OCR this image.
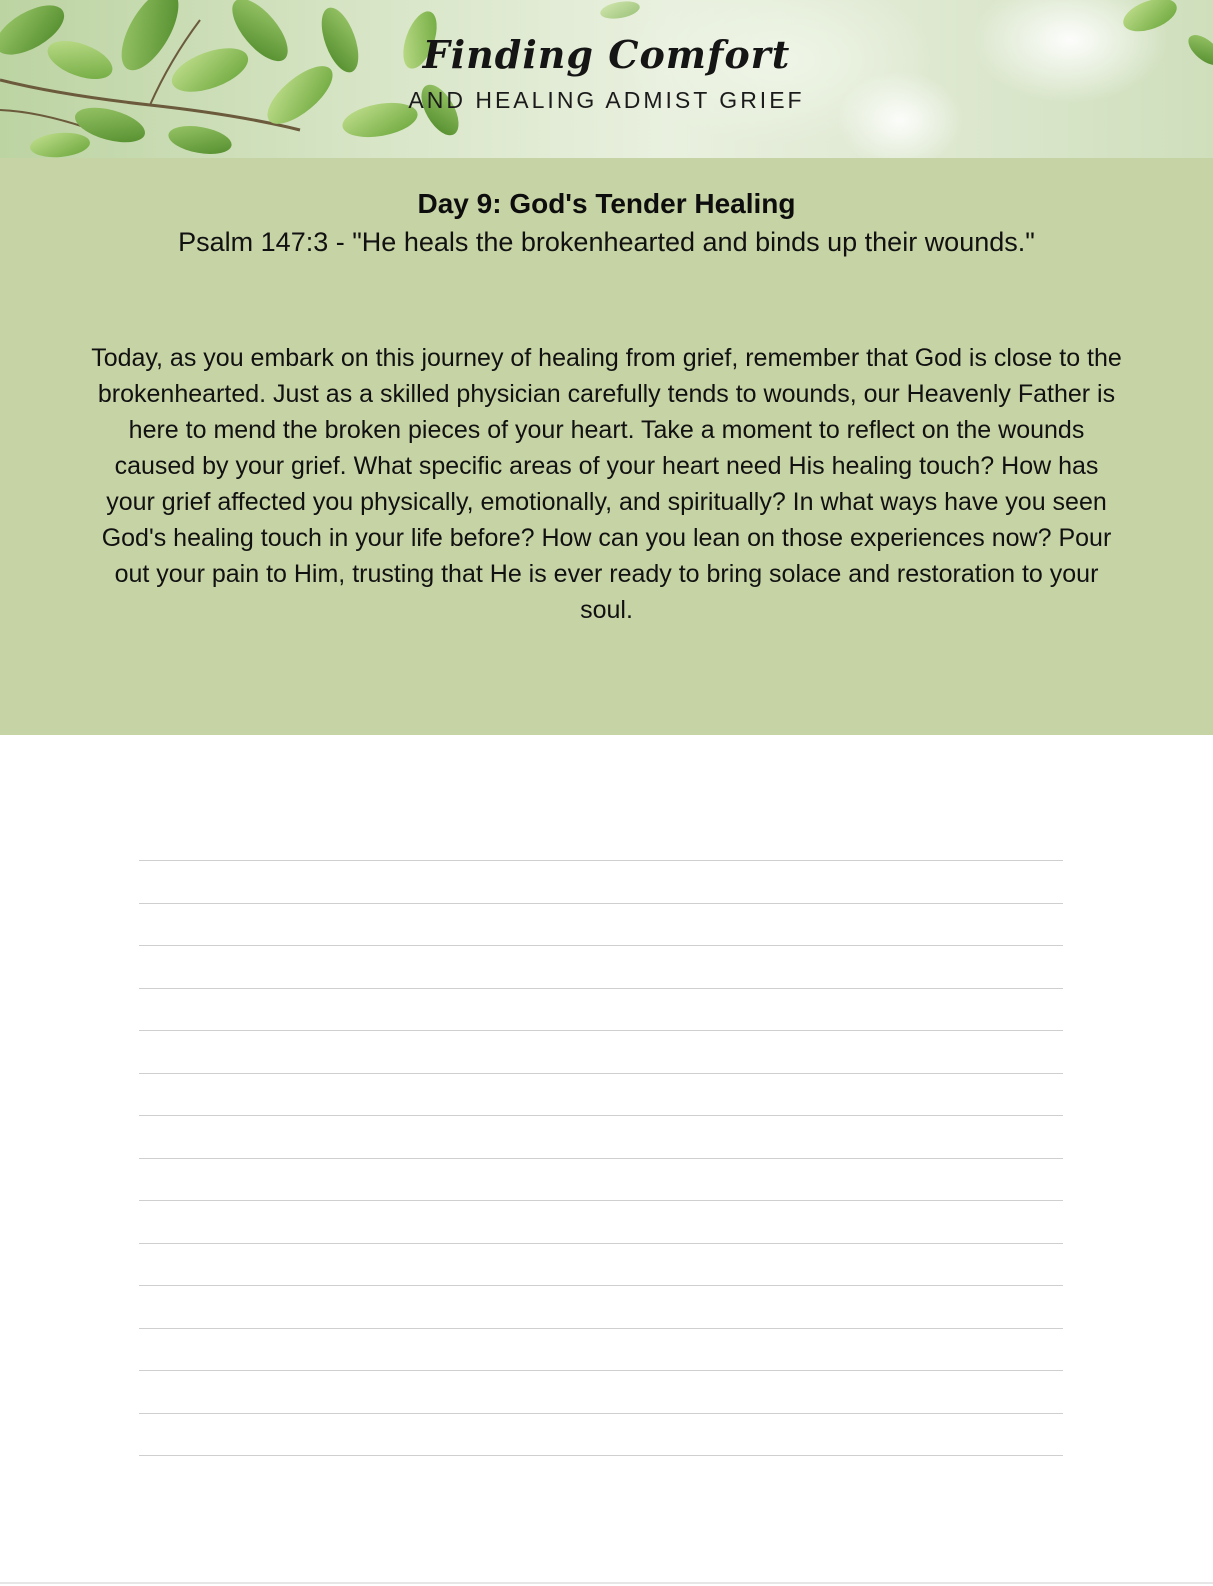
Finding Comfort
AND HEALING ADMIST GRIEF
Day 9: God's Tender Healing
Psalm 147:3 - "He heals the brokenhearted and binds up their wounds."
Today, as you embark on this journey of healing from grief, remember that God is close to the brokenhearted. Just as a skilled physician carefully tends to wounds, our Heavenly Father is here to mend the broken pieces of your heart. Take a moment to reflect on the wounds caused by your grief. What specific areas of your heart need His healing touch? How has your grief affected you physically, emotionally, and spiritually? In what ways have you seen God's healing touch in your life before? How can you lean on those experiences now? Pour out your pain to Him, trusting that He is ever ready to bring solace and restoration to your soul.
